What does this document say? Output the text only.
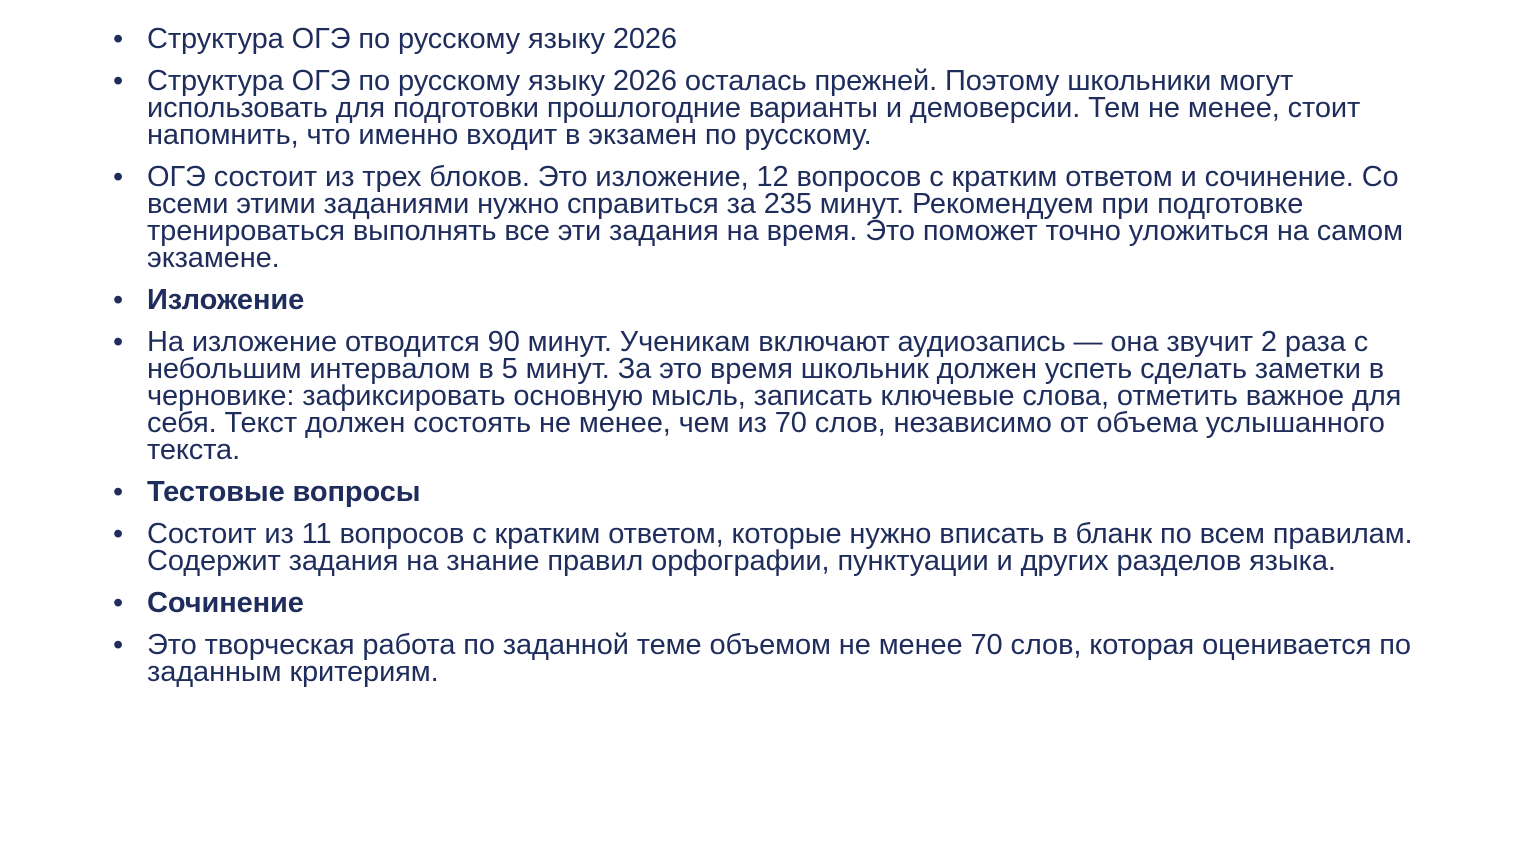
• Структура ОГЭ по русскому языку 2026
• Структура ОГЭ по русскому языку 2026 осталась прежней. Поэтому школьники могут использовать для подготовки прошлогодние варианты и демоверсии. Тем не менее, стоит напомнить, что именно входит в экзамен по русскому.
• ОГЭ состоит из трех блоков. Это изложение, 12 вопросов с кратким ответом и сочинение. Со всеми этими заданиями нужно справиться за 235 минут. Рекомендуем при подготовке тренироваться выполнять все эти задания на время. Это поможет точно уложиться на самом экзамене.
• Изложение
• На изложение отводится 90 минут. Ученикам включают аудиозапись — она звучит 2 раза с небольшим интервалом в 5 минут. За это время школьник должен успеть сделать заметки в черновике: зафиксировать основную мысль, записать ключевые слова, отметить важное для себя. Текст должен состоять не менее, чем из 70 слов, независимо от объема услышанного текста.
• Тестовые вопросы
• Состоит из 11 вопросов с кратким ответом, которые нужно вписать в бланк по всем правилам. Содержит задания на знание правил орфографии, пунктуации и других разделов языка.
• Сочинение
• Это творческая работа по заданной теме объемом не менее 70 слов, которая оценивается по заданным критериям.
